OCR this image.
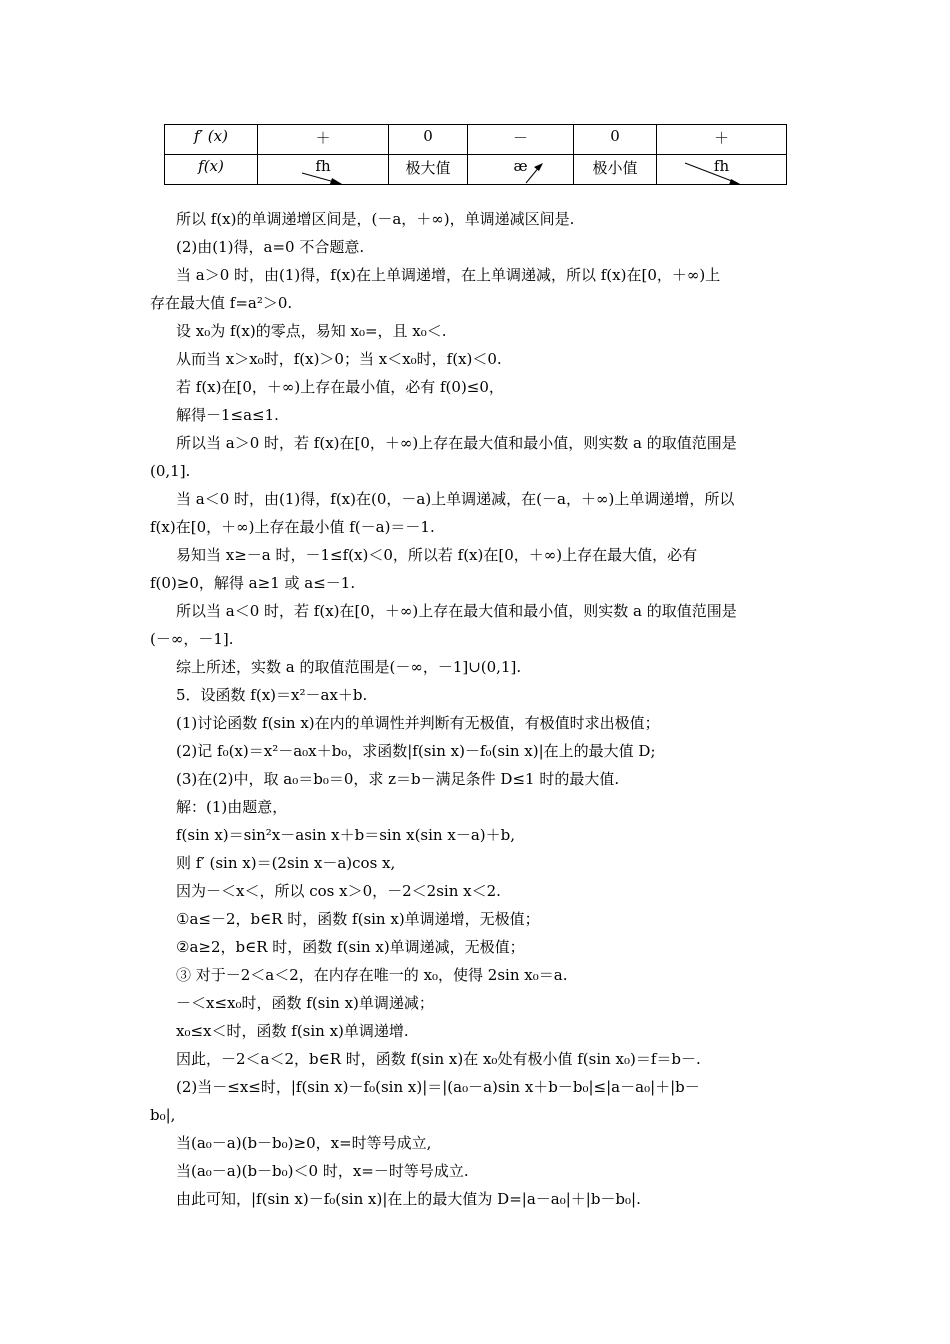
f′ (x)	＋	0	－	0	＋
f(x)	fh	极大值	æ	极小值	fh
所以 f(x)的单调递增区间是，(－a，＋∞)，单调递减区间是.
(2)由(1)得，a=0 不合题意.
当 a＞0 时，由(1)得，f(x)在上单调递增，在上单调递减，所以 f(x)在[0，＋∞)上
存在最大值 f=a²＞0.
设 x₀为 f(x)的零点，易知 x₀=，且 x₀＜.
从而当 x＞x₀时，f(x)＞0；当 x＜x₀时，f(x)＜0.
若 f(x)在[0，＋∞)上存在最小值，必有 f(0)≤0，
解得－1≤a≤1.
所以当 a＞0 时，若 f(x)在[0，＋∞)上存在最大值和最小值，则实数 a 的取值范围是
(0,1].
当 a＜0 时，由(1)得，f(x)在(0，－a)上单调递减，在(－a，＋∞)上单调递增，所以
f(x)在[0，＋∞)上存在最小值 f(－a)＝－1.
易知当 x≥－a 时，－1≤f(x)＜0，所以若 f(x)在[0，＋∞)上存在最大值，必有
f(0)≥0，解得 a≥1 或 a≤－1.
所以当 a＜0 时，若 f(x)在[0，＋∞)上存在最大值和最小值，则实数 a 的取值范围是
(－∞，－1].
综上所述，实数 a 的取值范围是(－∞，－1]∪(0,1].
5．设函数 f(x)＝x²－ax＋b.
(1)讨论函数 f(sin x)在内的单调性并判断有无极值，有极值时求出极值；
(2)记 f₀(x)＝x²－a₀x＋b₀，求函数|f(sin x)－f₀(sin x)|在上的最大值 D;
(3)在(2)中，取 a₀＝b₀＝0，求 z＝b－满足条件 D≤1 时的最大值.
解：(1)由题意，
f(sin x)＝sin²x－asin x＋b＝sin x(sin x－a)＋b,
则 f′ (sin x)＝(2sin x－a)cos x,
因为－＜x＜，所以 cos x＞0，－2＜2sin x＜2.
①a≤－2，b∈R 时，函数 f(sin x)单调递增，无极值；
②a≥2，b∈R 时，函数 f(sin x)单调递减，无极值；
③ 对于－2＜a＜2，在内存在唯一的 x₀，使得 2sin x₀＝a.
－＜x≤x₀时，函数 f(sin x)单调递减；
x₀≤x＜时，函数 f(sin x)单调递增.
因此，－2＜a＜2，b∈R 时，函数 f(sin x)在 x₀处有极小值 f(sin x₀)＝f＝b－.
(2)当－≤x≤时，|f(sin x)－f₀(sin x)|＝|(a₀－a)sin x＋b－b₀|≤|a－a₀|＋|b－
b₀|,
当(a₀－a)(b－b₀)≥0，x=时等号成立,
当(a₀－a)(b－b₀)＜0 时，x=－时等号成立.
由此可知，|f(sin x)－f₀(sin x)|在上的最大值为 D=|a－a₀|＋|b－b₀|.
